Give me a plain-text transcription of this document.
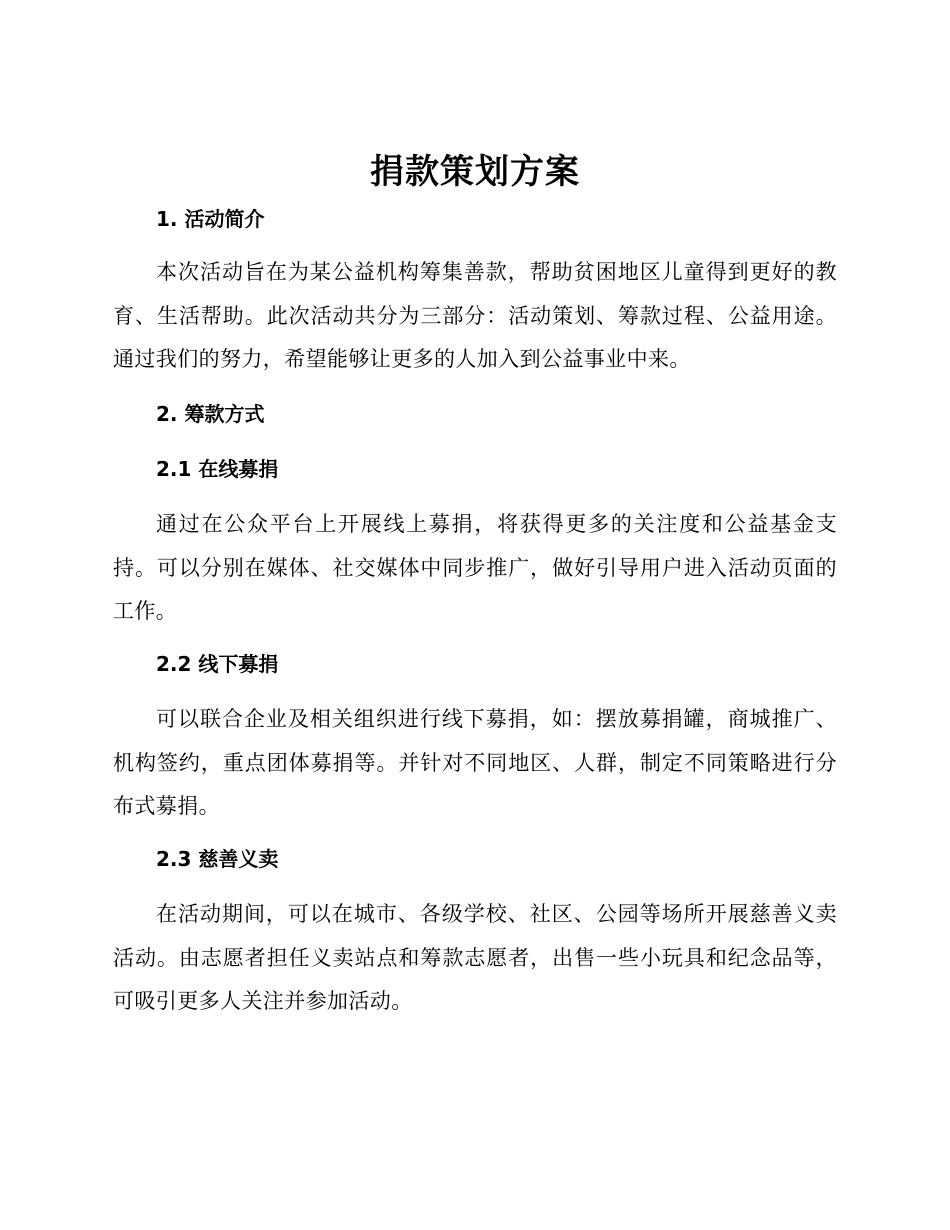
捐款策划方案
1. 活动简介
本次活动旨在为某公益机构筹集善款，帮助贫困地区儿童得到更好的教育、生活帮助。此次活动共分为三部分：活动策划、筹款过程、公益用途。通过我们的努力，希望能够让更多的人加入到公益事业中来。
2. 筹款方式
2.1 在线募捐
通过在公众平台上开展线上募捐，将获得更多的关注度和公益基金支持。可以分别在媒体、社交媒体中同步推广，做好引导用户进入活动页面的工作。
2.2 线下募捐
可以联合企业及相关组织进行线下募捐，如：摆放募捐罐，商城推广、机构签约，重点团体募捐等。并针对不同地区、人群，制定不同策略进行分布式募捐。
2.3 慈善义卖
在活动期间，可以在城市、各级学校、社区、公园等场所开展慈善义卖活动。由志愿者担任义卖站点和筹款志愿者，出售一些小玩具和纪念品等，可吸引更多人关注并参加活动。
